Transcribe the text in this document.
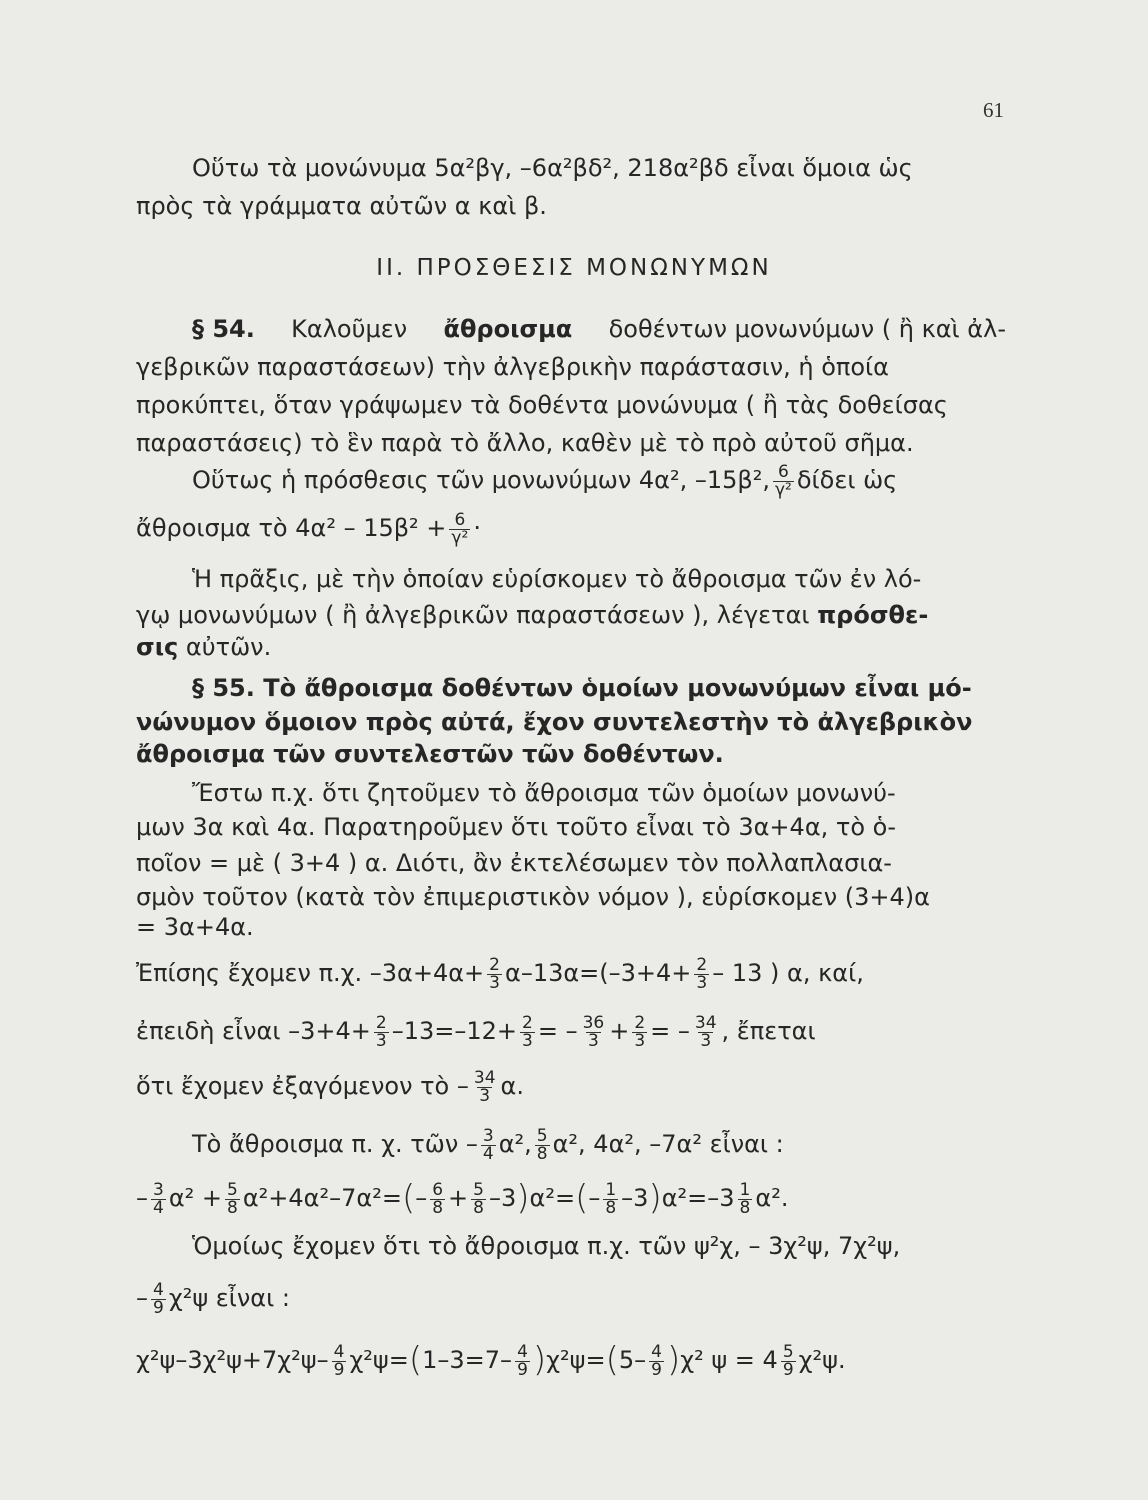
61
Οὕτω τὰ μονώνυμα 5α²βγ, –6α²βδ², 218α²βδ εἶναι ὅμοια ὡς
πρὸς τὰ γράμματα αὐτῶν α καὶ β.
ΙΙ. ΠΡΟΣΘΕΣΙΣ ΜΟΝΩΝΥΜΩΝ
§ 54. Καλοῦμεν ἄθροισμα δοθέντων μονωνύμων ( ἢ καὶ ἀλ-
γεβρικῶν παραστάσεων) τὴν ἀλγεβρικὴν παράστασιν, ἡ ὁποία
προκύπτει, ὅταν γράψωμεν τὰ δοθέντα μονώνυμα ( ἢ τὰς δοθείσας
παραστάσεις) τὸ ἓν παρὰ τὸ ἄλλο, καθὲν μὲ τὸ πρὸ αὐτοῦ σῆμα.
Οὕτως ἡ πρόσθεσις τῶν μονωνύμων 4α², –15β², $\frac{6}{\text{γ²}}$ δίδει ὡς
ἄθροισμα τὸ $4\alpha^2 - 15\beta^2 + \frac{6}{\text{γ²}}$ ·
Ἡ πρᾶξις, μὲ τὴν ὁποίαν εὑρίσκομεν τὸ ἄθροισμα τῶν ἐν λό-
γῳ μονωνύμων ( ἢ ἀλγεβρικῶν παραστάσεων ), λέγεται
πρόσθε-
σις
αὐτῶν.
§ 55. Τὸ ἄθροισμα δοθέντων ὁμοίων μονωνύμων εἶναι μό-
νώνυμον ὅμοιον πρὸς αὐτά, ἔχον συντελεστὴν τὸ ἀλγεβρικὸν
ἄθροισμα τῶν συντελεστῶν τῶν δοθέντων.
Ἔστω π.χ. ὅτι ζητοῦμεν τὸ ἄθροισμα τῶν ὁμοίων μονωνύ-
μων 3α καὶ 4α. Παρατηροῦμεν ὅτι τοῦτο εἶναι τὸ 3α+4α, τὸ ὁ-
ποῖον = μὲ ( 3+4 ) α. Διότι, ἂν ἐκτελέσωμεν τὸν πολλαπλασια-
σμὸν τοῦτον (κατὰ τὸν ἐπιμεριστικὸν νόμον ), εὑρίσκομεν (3+4)α
= 3α+4α.
Ἐπίσης ἔχομεν π.χ. $-3\alpha+4\alpha+ \frac{2}{3} \alpha-13\alpha=(-3+4+ \frac{2}{3} - 13$ ) α, καί,
ἐπειδὴ εἶναι $-3+4+ \frac{2}{3} -13=-12+ \frac{2}{3}$ = – $\frac{36}{3} + \frac{2}{3}$ = – $\frac{34}{3}$ , ἔπεται
ὅτι ἔχομεν ἐξαγόμενον τὸ – $\frac{34}{3} \alpha$.
Τὸ ἄθροισμα π. χ. τῶν – $\frac{3}{4} \alpha^2$, $\frac{5}{8} \alpha^2$, 4α², –7α² εἶναι :
– $\frac{3}{4} \alpha^2 + \frac{5}{8} \alpha^2+4\alpha^2-7\alpha^2=$ ( – $\frac{6}{8} + \frac{5}{8} -3$ ) α²= ( – $\frac{1}{8} -3$ ) $\alpha^2=-3 \frac{1}{8} \alpha^2$.
Ὁμοίως ἔχομεν ὅτι τὸ ἄθροισμα π.χ. τῶν ψ²χ, – 3χ²ψ, 7χ²ψ,
– $\frac{4}{9} \chi^2\psi$ εἶναι :
$\chi^2\psi-3\chi^2\psi+7\chi^2\psi- \frac{4}{9} \chi^2\psi=$ ( $1-3=7- \frac{4}{9}$ ) χ²ψ= ( $5- \frac{4}{9}$ ) χ² $\psi = 4 \frac{5}{9} \chi^2\psi$.
